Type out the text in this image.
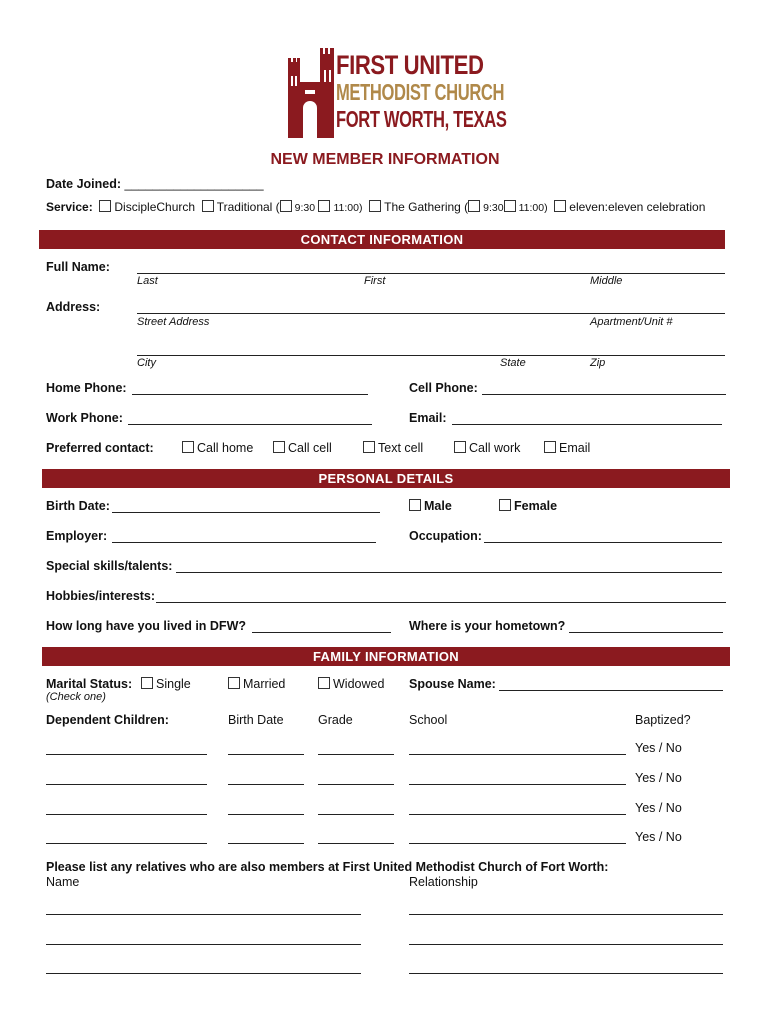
FIRST UNITED
METHODIST CHURCH
FORT WORTH, TEXAS
NEW MEMBER INFORMATION
Date Joined: ____________________
Service: DiscipleChurch Traditional ( 9:30 11:00) The Gathering ( 9:30 11:00) eleven:eleven celebration
CONTACT INFORMATION
Full Name:
Last	First	Middle
Address:
Street Address	Apartment/Unit #
City	State	Zip
Home Phone:	Cell Phone:
Work Phone:	Email:
Preferred contact:	Call home	Call cell	Text cell	Call work	Email
PERSONAL DETAILS
Birth Date:	Male	Female
Employer:	Occupation:
Special skills/talents:
Hobbies/interests:
How long have you lived in DFW?	Where is your hometown?
FAMILY INFORMATION
Marital Status:
(Check one)
Single	Married	Widowed Spouse Name:
Dependent Children:	Birth Date	Grade	School	Baptized?
Yes / No
Yes / No
Yes / No
Yes / No
Please list any relatives who are also members at First United Methodist Church of Fort Worth:
Name	Relationship
